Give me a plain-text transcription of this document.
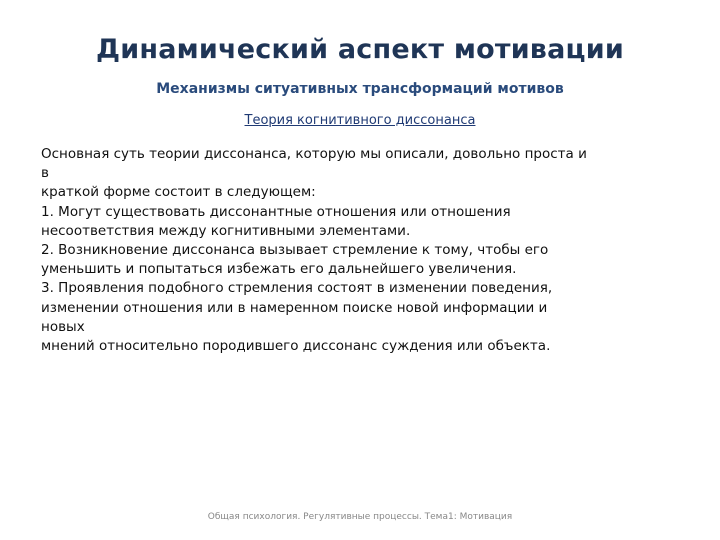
Динамический аспект мотивации
Механизмы ситуативных трансформаций мотивов
Теория когнитивного диссонанса
Основная суть теории диссонанса, которую мы описали, довольно проста и
в
краткой форме состоит в следующем:
1. Могут существовать диссонантные отношения или отношения
несоответствия между когнитивными элементами.
2. Возникновение диссонанса вызывает стремление к тому, чтобы его
уменьшить и попытаться избежать его дальнейшего увеличения.
3. Проявления подобного стремления состоят в изменении поведения,
изменении отношения или в намеренном поиске новой информации и
новых
мнений относительно породившего диссонанс суждения или объекта.
Общая психология. Регулятивные процессы. Тема1: Мотивация
